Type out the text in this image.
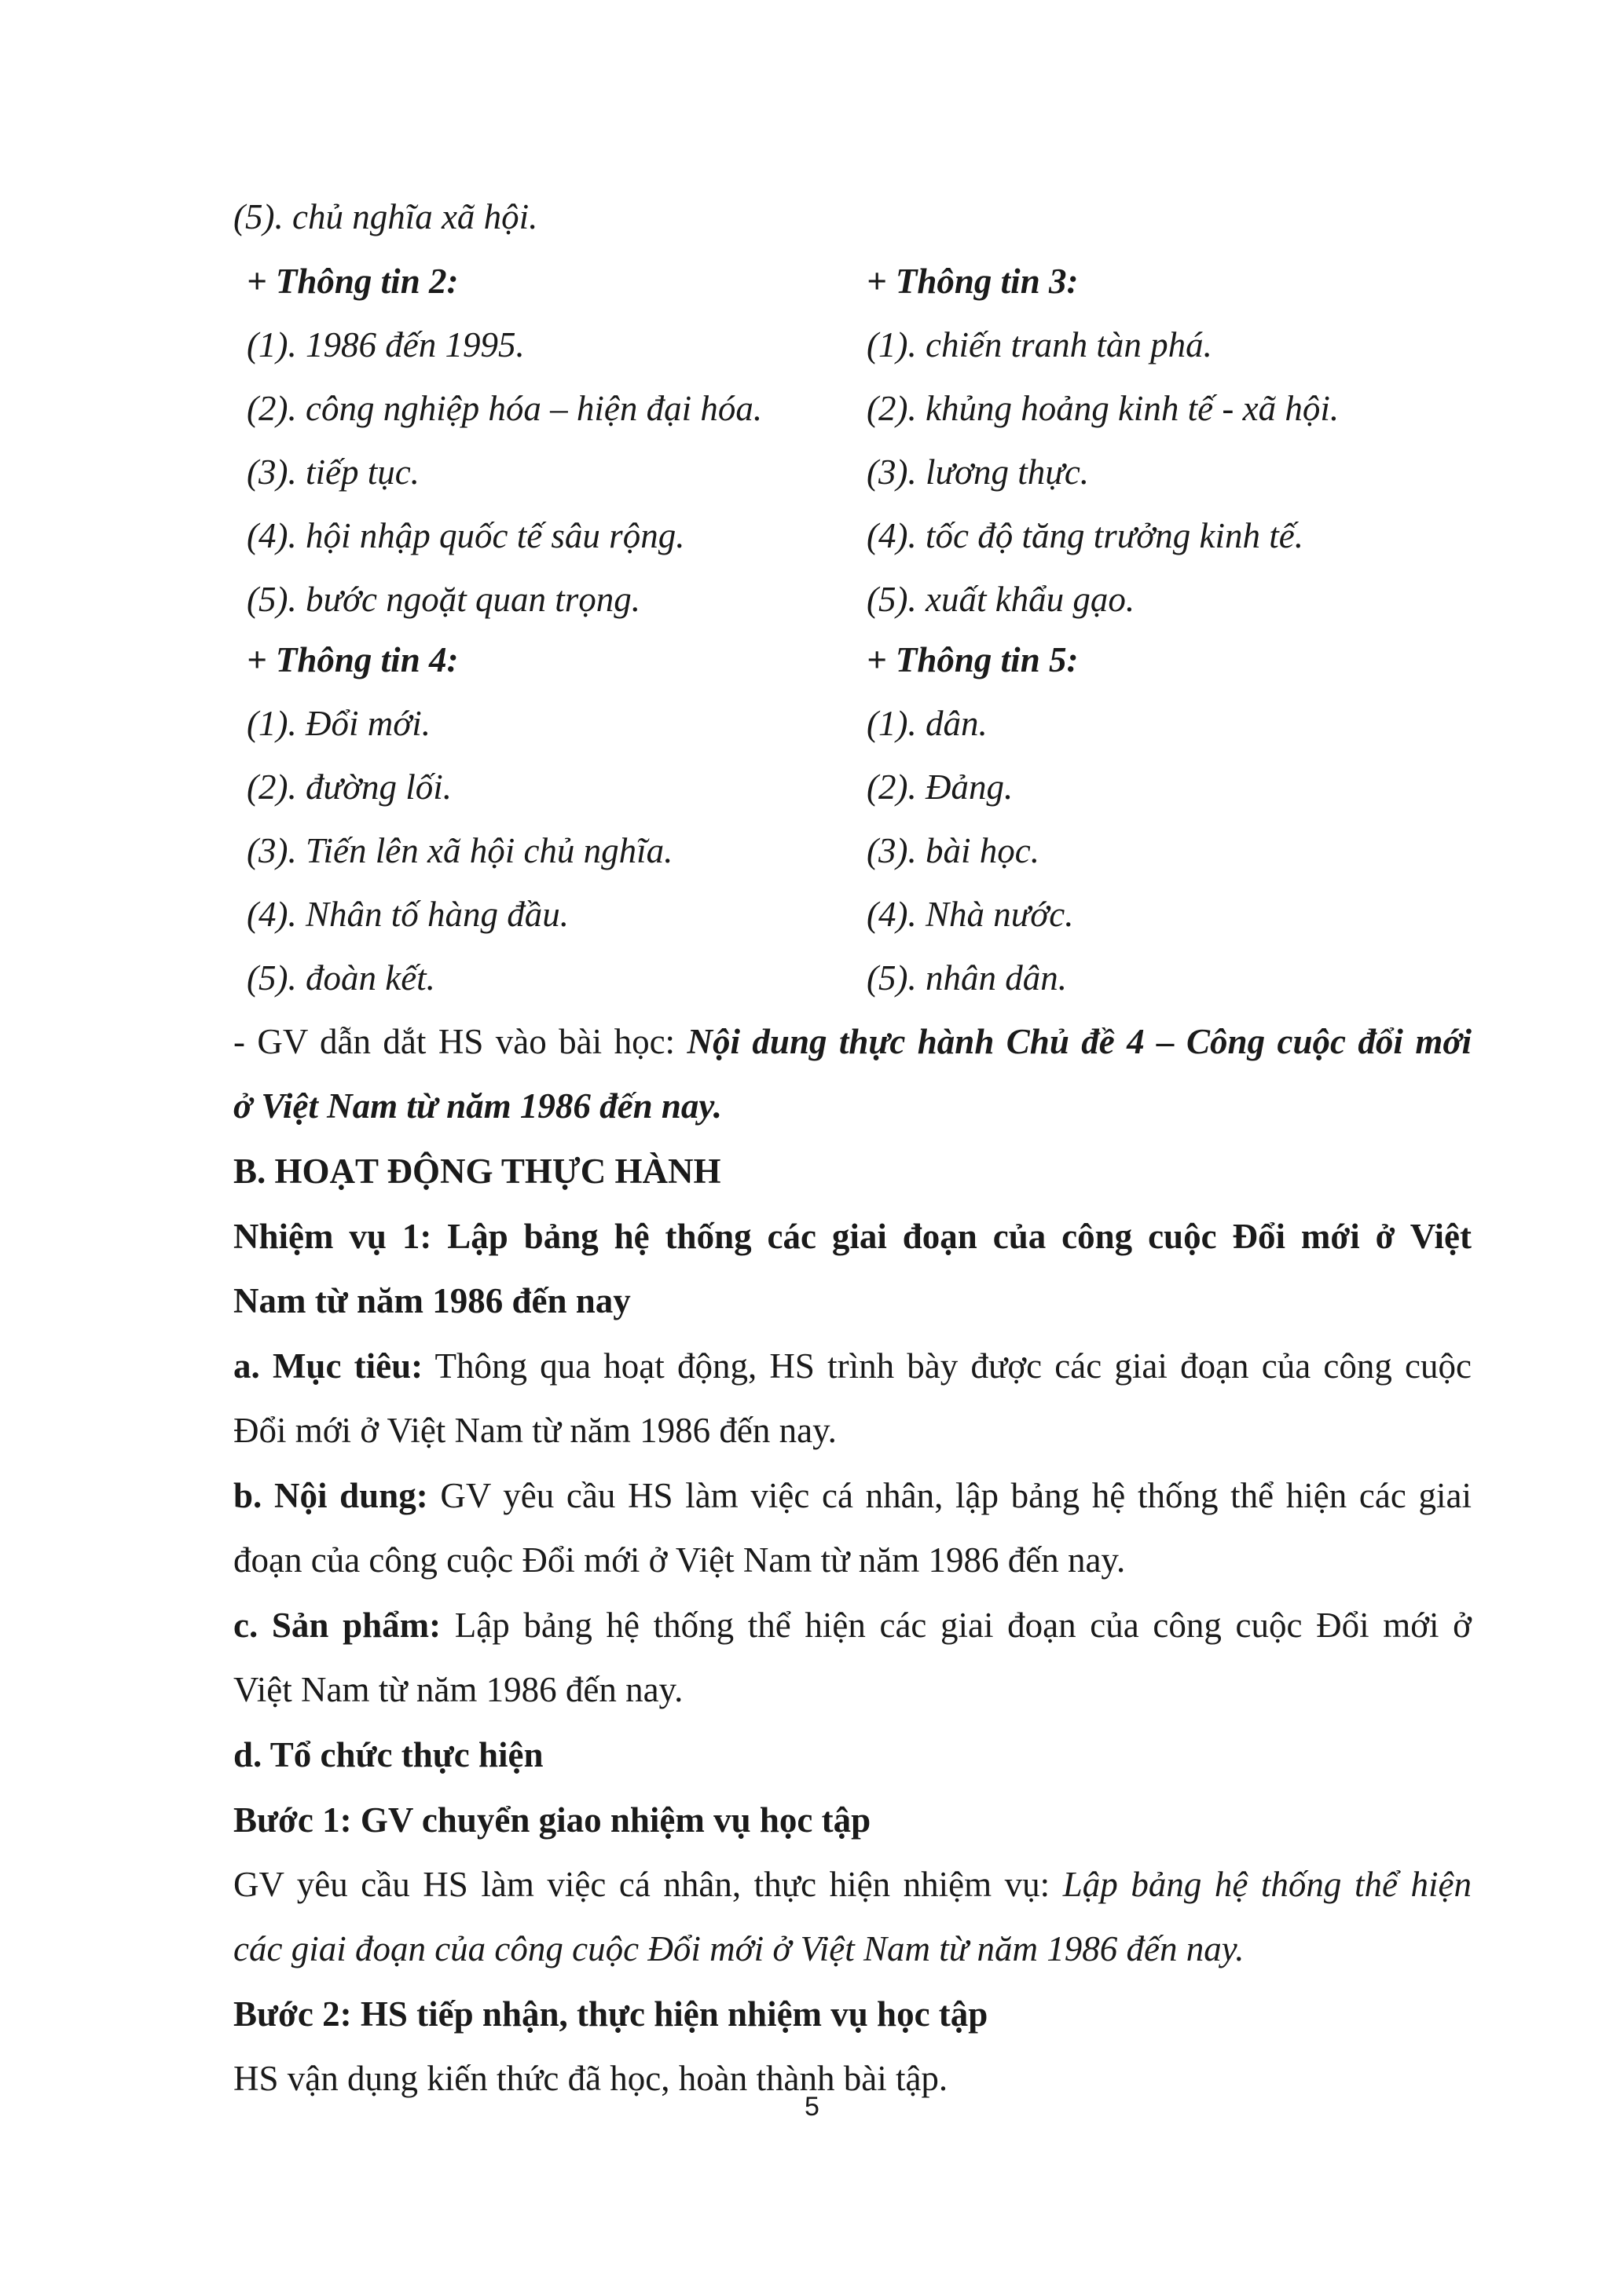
(5). chủ nghĩa xã hội.
+ Thông tin 2:	+ Thông tin 3:
(1). 1986 đến 1995.	(1). chiến tranh tàn phá.
(2). công nghiệp hóa – hiện đại hóa.	(2). khủng hoảng kinh tế - xã hội.
(3). tiếp tục.	(3). lương thực.
(4). hội nhập quốc tế sâu rộng.	(4). tốc độ tăng trưởng kinh tế.
(5). bước ngoặt quan trọng.	(5). xuất khẩu gạo.
+ Thông tin 4:	+ Thông tin 5:
(1). Đổi mới.	(1). dân.
(2). đường lối.	(2). Đảng.
(3). Tiến lên xã hội chủ nghĩa.	(3). bài học.
(4). Nhân tố hàng đầu.	(4). Nhà nước.
(5). đoàn kết.	(5). nhân dân.
- GV dẫn dắt HS vào bài học: Nội dung thực hành Chủ đề 4 – Công cuộc đổi mới
ở Việt Nam từ năm 1986 đến nay.
B. HOẠT ĐỘNG THỰC HÀNH
Nhiệm vụ 1: Lập bảng hệ thống các giai đoạn của công cuộc Đổi mới ở Việt
Nam từ năm 1986 đến nay
a. Mục tiêu: Thông qua hoạt động, HS trình bày được các giai đoạn của công cuộc
Đổi mới ở Việt Nam từ năm 1986 đến nay.
b. Nội dung: GV yêu cầu HS làm việc cá nhân, lập bảng hệ thống thể hiện các giai
đoạn của công cuộc Đổi mới ở Việt Nam từ năm 1986 đến nay.
c. Sản phẩm: Lập bảng hệ thống thể hiện các giai đoạn của công cuộc Đổi mới ở
Việt Nam từ năm 1986 đến nay.
d. Tổ chức thực hiện
Bước 1: GV chuyển giao nhiệm vụ học tập
GV yêu cầu HS làm việc cá nhân, thực hiện nhiệm vụ: Lập bảng hệ thống thể hiện
các giai đoạn của công cuộc Đổi mới ở Việt Nam từ năm 1986 đến nay.
Bước 2: HS tiếp nhận, thực hiện nhiệm vụ học tập
HS vận dụng kiến thức đã học, hoàn thành bài tập.
5
